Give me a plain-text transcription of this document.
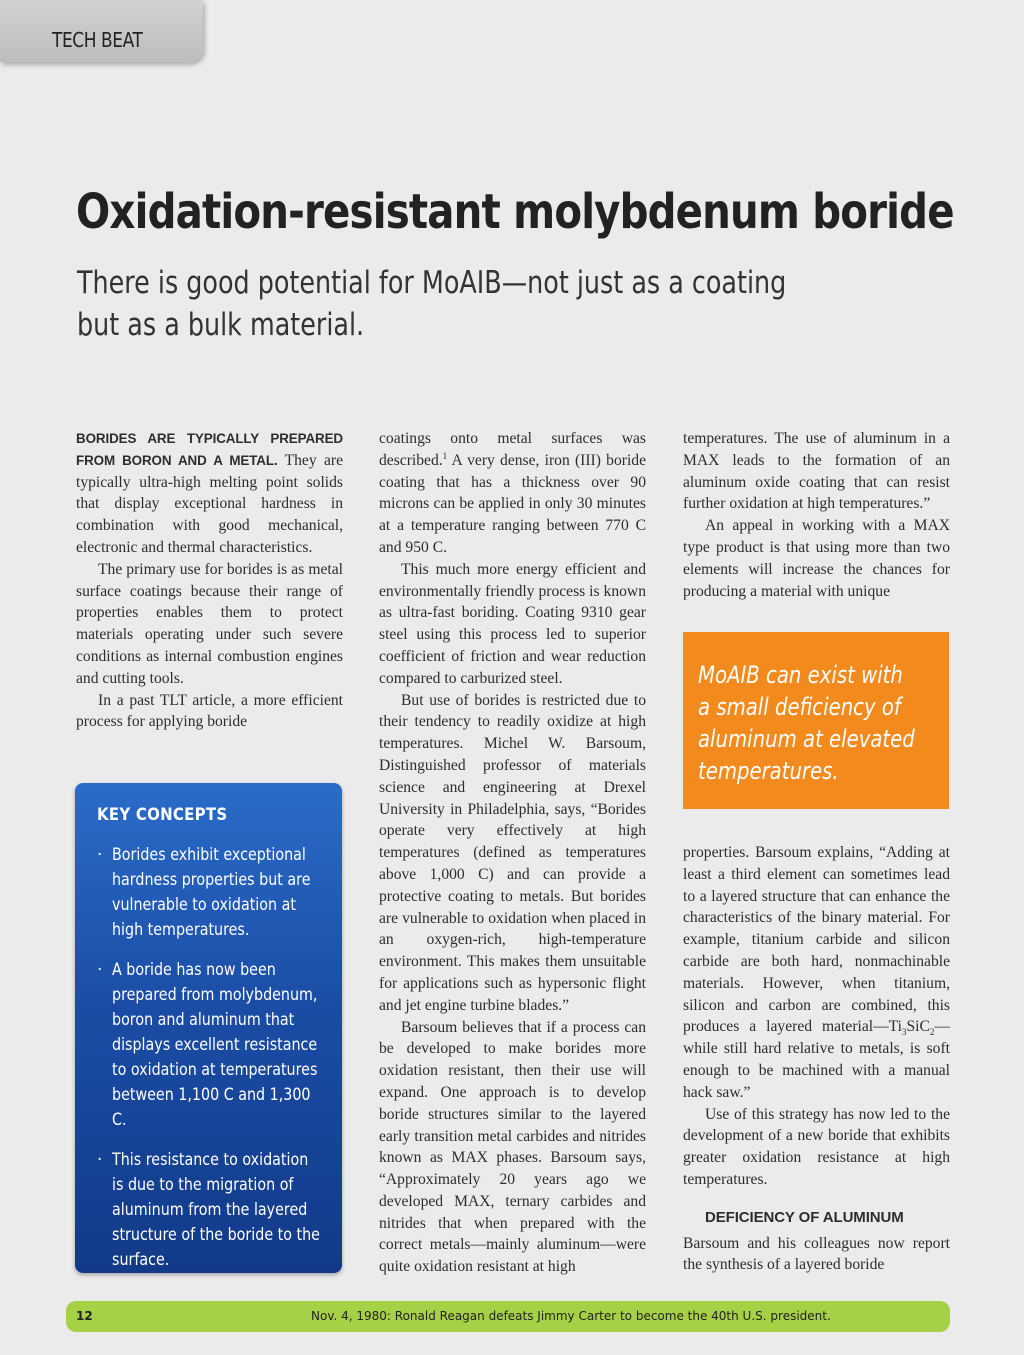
TECH BEAT
Oxidation-resistant molybdenum boride
There is good potential for MoAIB—not just as a coating
but as a bulk material.

BORIDES ARE TYPICALLY PREPARED FROM BORON AND A METAL. They are typically ultra-high melting point solids that display exceptional hardness in combination with good mechanical, electronic and thermal characteristics.

The primary use for borides is as metal surface coatings because their range of properties enables them to protect materials operating under such severe conditions as internal combustion engines and cutting tools.

In a past TLT article, a more efficient process for applying boride

KEY CONCEPTS
· Borides exhibit exceptional hardness properties but are vulnerable to oxidation at high temperatures.
· A boride has now been prepared from molybdenum, boron and aluminum that displays excellent resistance to oxidation at temperatures between 1,100 C and 1,300 C.
· This resistance to oxidation is due to the migration of aluminum from the layered structure of the boride to the surface.

coatings onto metal surfaces was described.$^1$ A very dense, iron (III) boride coating that has a thickness over 90 microns can be applied in only 30 minutes at a temperature ranging between 770 C and 950 C.

This much more energy efficient and environmentally friendly process is known as ultra-fast boriding. Coating 9310 gear steel using this process led to superior coefficient of friction and wear reduction compared to carburized steel.

But use of borides is restricted due to their tendency to readily oxidize at high temperatures. Michel W. Barsoum, Distinguished professor of materials science and engineering at Drexel University in Philadelphia, says, “Borides operate very effectively at high temperatures (defined as temperatures above 1,000 C) and can provide a protective coating to metals. But borides are vulnerable to oxidation when placed in an oxygen-rich, high-temperature environment. This makes them unsuitable for applications such as hypersonic flight and jet engine turbine blades.”

Barsoum believes that if a process can be developed to make borides more oxidation resistant, then their use will expand. One approach is to develop boride structures similar to the layered early transition metal carbides and nitrides known as MAX phases. Barsoum says, “Approximately 20 years ago we developed MAX, ternary carbides and nitrides that when prepared with the correct metals—mainly aluminum—were quite oxidation resistant at high

temperatures. The use of aluminum in a MAX leads to the formation of an aluminum oxide coating that can resist further oxidation at high temperatures.”

An appeal in working with a MAX type product is that using more than two elements will increase the chances for producing a material with unique

MoAIB can exist with a small deficiency of aluminum at elevated temperatures.

properties. Barsoum explains, “Adding at least a third element can sometimes lead to a layered structure that can enhance the characteristics of the binary material. For example, titanium carbide and silicon carbide are both hard, nonmachinable materials. However, when titanium, silicon and carbon are combined, this produces a layered $material—Ti_3SiC_2—while$ still hard relative to metals, is soft enough to be machined with a manual hack saw.”

Use of this strategy has now led to the development of a new boride that exhibits greater oxidation resistance at high temperatures.

DEFICIENCY OF ALUMINUM

Barsoum and his colleagues now report the synthesis of a layered boride

12	Nov. 4, 1980: Ronald Reagan defeats Jimmy Carter to become the 40th U.S. president.
